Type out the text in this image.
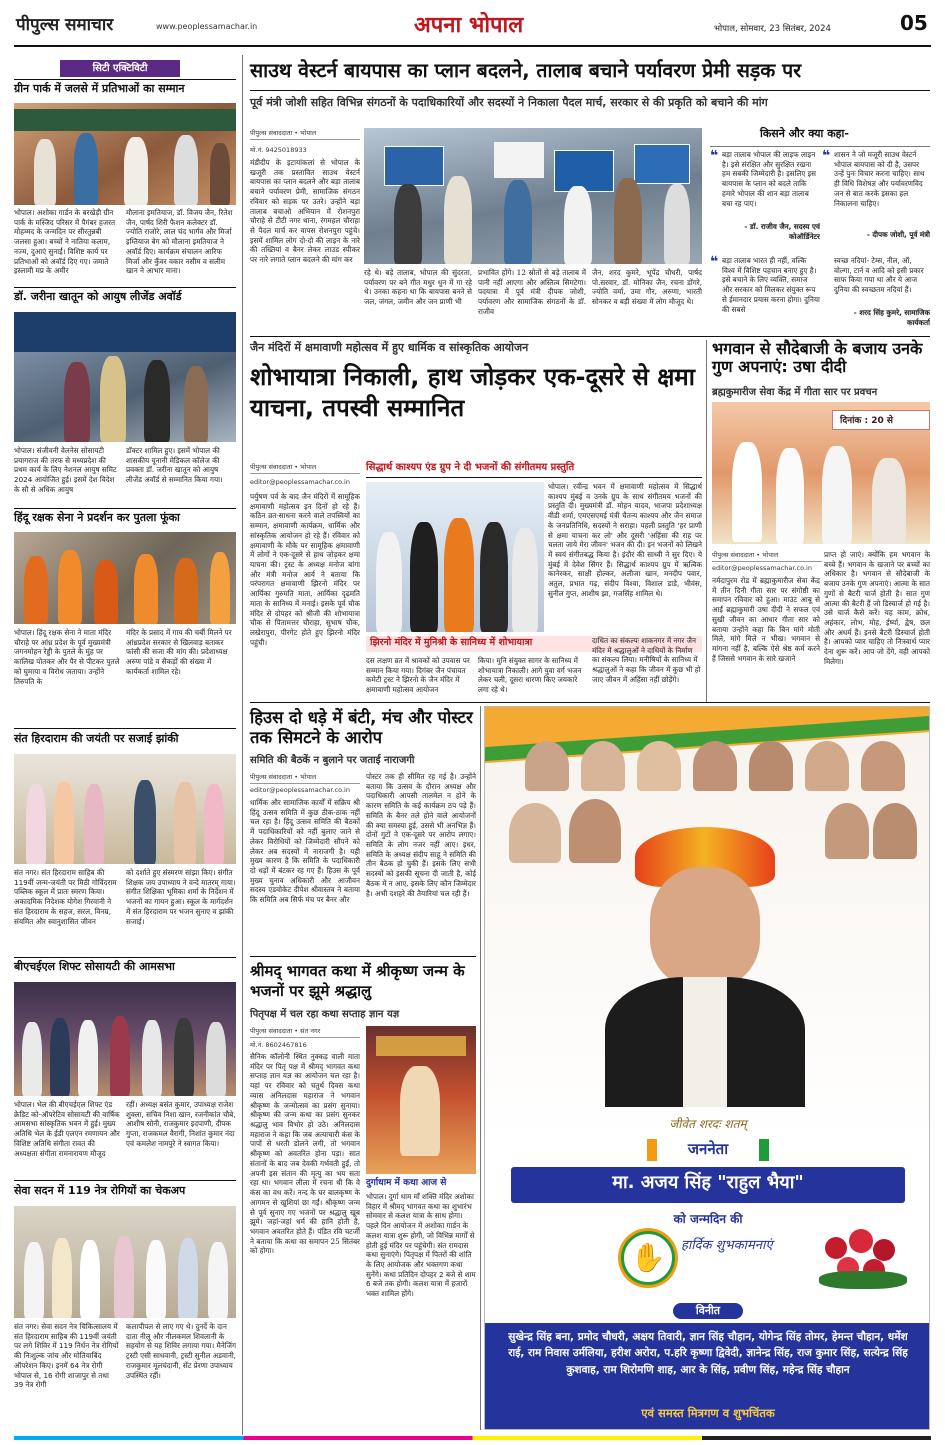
पीपुल्स समाचार	www.peoplessamachar.in	अपना भोपाल	भोपाल, सोमवार, 23 सितंबर, 2024	05
सिटी एक्टिविटी
ग्रीन पार्क में जलसे में प्रतिभाओं का सम्मान
भोपाल। अशोका गार्डन के बरखेड़ी ग्रीन पार्क के मस्जिद परिसर में पैगंबर हजरत मोहम्मद के जन्मदिन पर सीरतुन्नबी जलसा हुआ। बच्चों ने नातिया कलाम, नज्म, दुआएं सुनाईं। विशिष्ट कार्य पर प्रतिभाओं को अवॉर्ड दिए गए। जमाते इस्लामी मप्र के अमीर
मौलाना इमतियाज, डॉ. विजय जैन, रितेश जैन, पार्षद शिरी फैशन कलेक्टर डॉ. ज्योति राजोरे, लाल चंद भार्गव और मिर्जा इम्तियाज बेग को मौलाना इमतियाज ने अवॉर्ड दिए। कार्यक्रम संचालन आरिफ मिर्जा और कुँवर वकार नसीम व सलीम खान ने आभार माना।
डॉ. जरीना खातून को आयुष लीजेंड अवॉर्ड
भोपाल। संजीवनी वेलनेस सोसायटी प्रयागराज की तरफ से मध्यप्रदेश की प्रथम कार्य के लिए नेशनल आयुष समिट 2024 आयोजित हुई। इसमें देश विदेश के सौ से अधिक आयुष
डॉक्टर शामिल हुए। इसमें भोपाल की शासकीय यूनानी मेडिकल कॉलेज की प्रवक्ता डॉ. जरीना खातून को आयुष लीजेंड अवॉर्ड से सम्मानित किया गया।
हिंदू रक्षक सेना ने प्रदर्शन कर पुतला फूंका
भोपाल। हिंदू रक्षक सेना ने माता मंदिर चौराहे पर आंध्र प्रदेश के पूर्व मुख्यमंत्री जगनमोहन रेड्डी के पुतले के मुंह पर कालिख पोतकर और पैर से पीटकर पुतले को घुमाया व विरोध जताया। उन्होंने तिरुपति के
मंदिर के प्रसाद में गाय की चर्बी मिलने पर आंध्रप्रदेश सरकार से खिलवाड़ बताकर फांसी की सजा की मांग की। प्रदेशाध्यक्ष अरुण पांडे व सैकड़ों की संख्या में कार्यकर्ता शामिल रहे।
संत हिरदाराम की जयंती पर सजाई झांकी
संत नगर। संत हिरदाराम साहिब की 119वीं जन्म-जयंती पर मिठी गोविंदराम पब्लिक स्कूल में प्रातः स्मरण किया। अकादमिक निदेशक योगेश गिरवानी ने संत हिरदाराम के सहज, सरल, विनम्र, संयमित और स्वानुशासित जीवन
को दर्शाते हुए संस्मरण सांझा किए। संगीत शिक्षक जय उपाध्याय ने वन्दे मातरम् गाया। संगीत शिक्षिका भूमिका शर्मा के निर्देशन में भजनों का गायन हुआ। स्कूल के मार्गदर्शन में संत हिरदाराम पर भजन सुनाए व झांकी सजाई।
बीएचईएल शिफ्ट सोसायटी की आमसभा
भोपाल। भेल की बीएचईएल शिफ्ट एंड क्रेडिट को-ऑपरेटिव सोसायटी की वार्षिक आमसभा सांस्कृतिक भवन में हुई। मुख्य अतिथि भेल के ईडी एलएन रमणायन और विशिष्ट अतिथि संगीता रावत की अध्यक्षता संगीता रामनारायण मौजूद
रहीं। अध्यक्ष बसंत कुमार, उपाध्यक्ष राजेश शुक्ला, सचिव निशा खान, रजनीकांत चौबे, आशीष सोनी, राजकुमार इदपाणी, दीपक गुप्ता, राजकमल वैरागी, निशांत कुमार नंदा एवं कमलेश नामपुरे ने स्वागत किया।
सेवा सदन में 119 नेत्र रोगियों का चेकअप
संत नगर। सेवा सदन नेत्र चिकित्सालय में संत हिरदाराम साहिब की 119वीं जयंती पर लगे शिविर में 119 निर्धन नेत्र रोगियों की निःशुल्क जांच और मोतियाबिंद ऑपरेशन किए। इनमें 64 नेत्र रोगी भोपाल से, 16 रोगी शाजापुर से तथा 39 नेत्र रोगी
कलापीपल से लाए गए थे। दुनर्दे के दान दाता नीलू और नीलकमल शिवलानी के सहयोग से यह शिविर लगाया गया। मैनेजिंग ट्रस्टी एसी साधवानी, ट्रस्टी सुनील अडवानी, राजकुमार मूलचंदानी, सेंट प्रेरणा उपाध्याय उपस्थित रहीं।
साउथ वेस्टर्न बायपास का प्लान बदलने, तालाब बचाने पर्यावरण प्रेमी सड़क पर
पूर्व मंत्री जोशी सहित विभिन्न संगठनों के पदाधिकारियों और सदस्यों ने निकाला पैदल मार्च, सरकार से की प्रकृति को बचाने की मांग
पीपुल्स संवाददाता • भोपाल
मो.नं. 9425018933
मंडीदीप के इटायांकलां से भोपाल के खजूरी तक प्रस्तावित साउथ वेस्टर्न बायपास का प्लान बदलने और बड़ा तालाब बचाने पर्यावरण प्रेमी, सामाजिक संगठन रविवार को सड़क पर उतरे। उन्होंने बड़ा तालाब बचाओ अभियान में रोशनपुरा चौराहे से टीटी नगर थाना, रंगमहल चौराहा से पैदल मार्च कर वापस रोशनपुरा पहुंचे। इसमें शामिल लोग दो-दो की लाइन के नारे की तख्तियां व बैनर लेकर लाउड स्पीकर पर नारे लगाते प्लान बदलने की मांग कर
रहे थे। बड़े तालाब, भोपाल की सुंदरता, पर्यावरण पर बने गीत मधुर धुन में गा रहे थे। उनका कहना था कि बायपास बनने से जल, जंगल, जमीन और जन प्राणी भी
प्रभावित होंगे। 12 स्रोतों से बड़े तालाब में पानी नहीं आएगा और अस्तित्व सिमटेगा। पदयात्रा में पूर्व मंत्री दीपक जोशी, पर्यावरण और सामाजिक संगठनों के डॉ. राजीव
जैन, शरद कुमरे, भूपेंद्र चौधरी, पार्षद पो.सरवार, डॉ. मोनिका जैन, रचना डोंगरे, ज्योति वर्मा, उमा गौर, अरुणा, भारती सोनकर व बड़ी संख्या में लोग मौजूद थे।
किसने और क्या कहा-
❝ बड़ा तालाब भोपाल की लाइफ लाइन है। इसे संरक्षित और सुरक्षित रखना हम सबकी जिम्मेदारी है। इसलिए इस बायपास के प्लान को बदले ताकि हमारे भोपाल की शान बड़ा तालाब बचा रह पाए।
- डॉ. राजीव जैन, सदस्य एवं कोऑर्डिनेटर
❝ शासन ने जो मजूरी साउथ वेस्टर्न भोपाल बायपास को दी है, उसपर उन्हें पुनः विचार करना चाहिए। साथ ही विधि विशेषज्ञ और पर्यावरणविद जन से बात करके इसका हल निकालना चाहिए।
- दीपक जोशी, पूर्व मंत्री
❝ बड़ा तालाब भारत ही नहीं, वल्कि विश्व में विशिष्ट पहचान बनाए हुए है। इसे बचाने के लिए व्यक्ति, समाज और सरकार को मिलकर संयुक्त रूप से ईमानदार प्रयास करना होगा। दुनिया की सबसे
स्वच्छ नदियां- टेम्स, नील, ऑ, वोल्गा, टार्न व आदि को इसी प्रकार साफ किया गया था और ये आज दुनिया की स्वच्छतम नदियां हैं।
- शरद सिंह कुमरे, सामाजिक कार्यकर्ता
जैन मंदिरों में क्षमावाणी महोत्सव में हुए धार्मिक व सांस्कृतिक आयोजन
शोभायात्रा निकाली, हाथ जोड़कर एक-दूसरे से क्षमा याचना, तपस्वी सम्मानित
पीपुल्स संवाददाता • भोपाल
editor@peoplessamachar.co.in
पर्युषण पर्व के बाद जैन मंदिरों में सामूहिक क्षमावाणी महोत्सव इन दिनों हो रहे हैं। कठिन व्रत-साधना करने वाले तपस्वियों का सम्मान, क्षमावाणी कार्यक्रम, धार्मिक और सांस्कृतिक आयोजन हो रहे हैं। रविवार को क्षमावाणी के मौके पर सामूहिक क्षमावाणी में लोगों ने एक-दूसरे से हाथ जोड़कर क्षमा याचना की। ट्रस्ट के अध्यक्ष मनोज बांगा और मंत्री मनोज आर्य ने बताया कि परंपरागत क्षमावाणी झिरनो मंदिर पर आर्यिका गुरुमति माता, आर्यिका दृढ़मति माता के सानिध्य में मनाई। इसके पूर्व चौक मंदिर से दोपहर को श्रीजी की शोभायात्रा चौक से पितामत्तर चौराहा, सुभाष चौक, लखेरापुरा, पीरगेट होते हुए झिरनो मंदिर पहुंची।
सिद्धार्थ काश्यप एंड ग्रुप ने दी भजनों की संगीतमय प्रस्तुति
भोपाल। रवीन्द्र भवन में क्षमावाणी महोत्सव में सिद्धार्थ काश्यप मुंबई व उनके ग्रुप के साथ संगीतमय भजनों की प्रस्तुति दी। मुख्यमंत्री डॉ. मोहन यादव, भाजपा प्रदेशाध्यक्ष वीडी शर्मा, एमएसएमई मंत्री चैतन्य काश्यप और जैन समाज के जनप्रतिनिधि, सदस्यों ने सराहा। पहली प्रस्तुति 'हर प्राणी से क्षमा याचना कर लो' और दूसरी 'अहिंसा की राह पर चलता जाये मेरा जीवन' भजन की दी। इन भजनों को लिखने में स्वयं संगीतबद्ध किया है। इंदौर की साध्वी ने सुर दिए। ये मुंबई में देवेश सिंगर हैं। सिद्धार्थ काश्यप ग्रुप में ऋत्विक कानेरकर, साक्षी होल्कर, अलीजा खान, मनदीप पवार, अतुल, प्रभात गढ़, संदीप विश्वा, विशाल डाडे, भीवंस, सुनील गुप्त, आशीष झा, गजसिंह शामिल थे।
झिरनो मंदिर में मुनिश्री के सानिध्य में शोभायात्रा
दस लक्षण व्रत में श्रावकों को उपवास पर सम्मान किया गया। दिगंबर जैन पंचायत कमेटी ट्रस्ट ने झिरनो के जैन मंदिर में क्षमावाणी महोत्सव आयोजन
किया। मुनि संयुक्त सागर के सानिध्य में शोभायात्रा निकाली। आगे युवा वर्ग भजन लेकर चली, दूसरा धारणा किए जयकारे लगा रहे थे।
दाधित का संकल्पः शाकनगर में नगर जैन मंदिर में श्रद्धालुओं ने दाधियों के निर्माण का संकल्प लिया। मनीषियों के सानिध्य में श्रद्धालुओं ने कहा कि जीवन में कुछ भी हो जाए जीवन में अहिंसा नहीं छोड़ेंगे।
भगवान से सौदेबाजी के बजाय उनके गुण अपनाएं: उषा दीदी
ब्रह्मकुमारीज सेवा केंद्र में गीता सार पर प्रवचन
दिनांक : 20 से
पीपुल्स संवाददाता • भोपाल
editor@peoplessamachar.co.in
नर्मदापुरम रोड में ब्रह्माकुमारीज सेवा केंद्र में तीन दिनी गीता सार पर संगोष्ठी का समापन रविवार को हुआ। माउंट आबू से आईं ब्रह्माकुमारी उषा दीदी ने सफल एवं सुखी जीवन का आधार गीता सार को बताया उन्होंने कहा कि बिन मांगे मोती मिले, मांगे मिले न भीख। भगवान से मांगना नहीं है, बल्कि ऐसे श्रेष्ठ कर्म करने हैं जिससे भगवान के सारे खजाने
प्राप्त हो जाएं। क्योंकि हम भगवान के बच्चे हैं। भगवान के खजाने पर बच्चों का अधिकार है। भगवान से सौदेबाजी के बजाय उनके गुण अपनाएं। आत्मा के सात गुणों से बैटरी चार्ज होती है। सात गुण आत्मा की बैटरी हैं जो डिस्चार्ज हो गई है। उसे चार्ज कैसे करें। यह काम, क्रोध, अहंकार, लोभ, मोह, ईर्ष्या, द्वेष, छल और अधर्म हैं। इनसे बैटरी डिस्चार्ज होती है। आपको प्यार चाहिए तो निःस्वार्थ प्यार देना शुरू करें। आप जो देंगे, वही आपको मिलेगा।
हिउस दो धड़े में बंटी, मंच और पोस्टर तक सिमटने के आरोप
समिति की बैठकें न बुलाने पर जताई नाराजगी
पीपुल्स संवाददाता • भोपाल
editor@peoplessamachar.co.in
धार्मिक और सामाजिक कार्यों में सक्रिय श्री हिंदू उत्सव समिति में कुछ ठीक-ठाक नहीं चल रहा है। हिंदू उत्सव समिति की बैठकों में पदाधिकारियों को नहीं बुलाए जाने से लेकर विरोधियों को जिम्मेदारी सौंपने को लेकर अब सदस्यों में नाराजगी है। यही मुख्य कारण है कि समिति के पदाधिकारी दो धड़ों में बंटकर रह गए हैं। हिउस के पूर्व मुख्य चुनाव अधिकारी और आजीवन सदस्य एडवोकेट दीपेश श्रीवास्तव ने बताया कि समिति अब सिर्फ मंच पर बैनर और
पोस्टर तक ही सीमित रह गई है। उन्होंने बताया कि उत्सव के दौरान अध्यक्ष और पदाधिकारी आपसी तालमेल न होने के कारण समिति के कई कार्यक्रम ठप पड़े हैं। समिति के बैनर तले होने वाले आयोजनों की क्या समस्या हुई, उससे भी अनभिज्ञ हैं। दोनों गुटों ने एक-दूसरे पर आरोप लगाए। समिति के लोग नजर नहीं आए। इधर, समिति के अध्यक्ष संदीप साहू ने समिति की तीन बैठक हो चुकी हैं। इसके लिए सभी सदस्यों को इसकी सूचना दी जाती है, कोई बैठक में न आए, इसके लिए कौन जिम्मेदार है। अभी दशहरे की तैयारियां चल रही हैं।
श्रीमद् भागवत कथा में श्रीकृष्ण जन्म के भजनों पर झूमे श्रद्धालु
पितृपक्ष में चल रहा कथा सप्ताह ज्ञान यज्ञ
पीपुल्स संवाददाता • संत नगर
मो.नं. 8602467816
सैनिक कॉलोनी स्थित नुक्कड़ वाली माता मंदिर पर पितृ पक्ष में श्रीमद् भागवत कथा सप्ताह ज्ञान यज्ञ का आयोजन चल रहा है। यहां पर रविवार को चतुर्थ दिवस कथा व्यास अनिलदास महाराज ने भगवान श्रीकृष्ण के जन्मोत्सव का प्रसंग सुनाया। श्रीकृष्ण की जन्म कथा का प्रसंग सुनकर श्रद्धालु भाव विभोर हो उठे। अनिलदास महाराज ने कहा कि जब अत्याचारी कंस के पापों से धरती डोलने लगी, तो भगवान श्रीकृष्ण को अवतरित होना पड़ा। सात संतानों के बाद जब देवकी गर्भवती हुईं, तो अपनी इस संतान की मृत्यु का भय सता रहा था। भगवान लीला में रचना थी कि वे कंस का वध करें। नन्द के घर बालकृष्ण के आगमन से खुशियां छा गईं। श्रीकृष्ण जन्म से पूर्व सुनाए गए भजनों पर श्रद्धालु खूब झूमे। जहां-जहां धर्म की हानि होती है, भगवान अवतरित होते हैं। पंडित रवि चटर्जी ने बताया कि कथा का समापन 25 सितंबर को होगा।
दुर्गाधाम में कथा आज से
भोपाल। दुर्गा धाम माँ शक्ति मंदिर अशोका विहार में श्रीमद् भागवत कथा का शुभारंभ सोमवार से कलश यात्रा के साथ होगा। पहले दिन आयोजन में अशोका गार्डन के कलश यात्रा शुरू होगी, जो विभिन्न मार्गों से होती हुई मंदिर पर पहुंचेगी। संत रामदास कथा सुनाएंगे। पितृपक्ष में पितरों की शांति के लिए आयोजक और भक्तगण कथा सुनेंगे। कथा प्रतिदिन दोपहर 2 बजे से शाम 6 बजे तक होगी। कलश यात्रा में हजारों भक्त शामिल होंगे।
जीवेत शरदः शतम्
जननेता
मा. अजय सिंह "राहुल भैया"
को जन्मदिन की
✋	हार्दिक शुभकामनाएं
विनीत
सुखेन्द्र सिंह बना, प्रमोद चौधरी, अक्षय तिवारी, ज्ञान सिंह चौहान, योगेन्द्र सिंह तोमर, हेमन्त चौहान, धर्मेश राई, राम निवास उर्मलिया, हरीश अरोरा, प.हरि कृष्णा द्विवेदी, ज्ञानेन्द्र सिंह, राज कुमार सिंह, सत्येन्द्र सिंह कुशवाह, राम शिरोमणि शाह, आर के सिंह, प्रवीण सिंह, महेन्द्र सिंह चौहान
एवं समस्त मित्रगण व शुभचिंतक
